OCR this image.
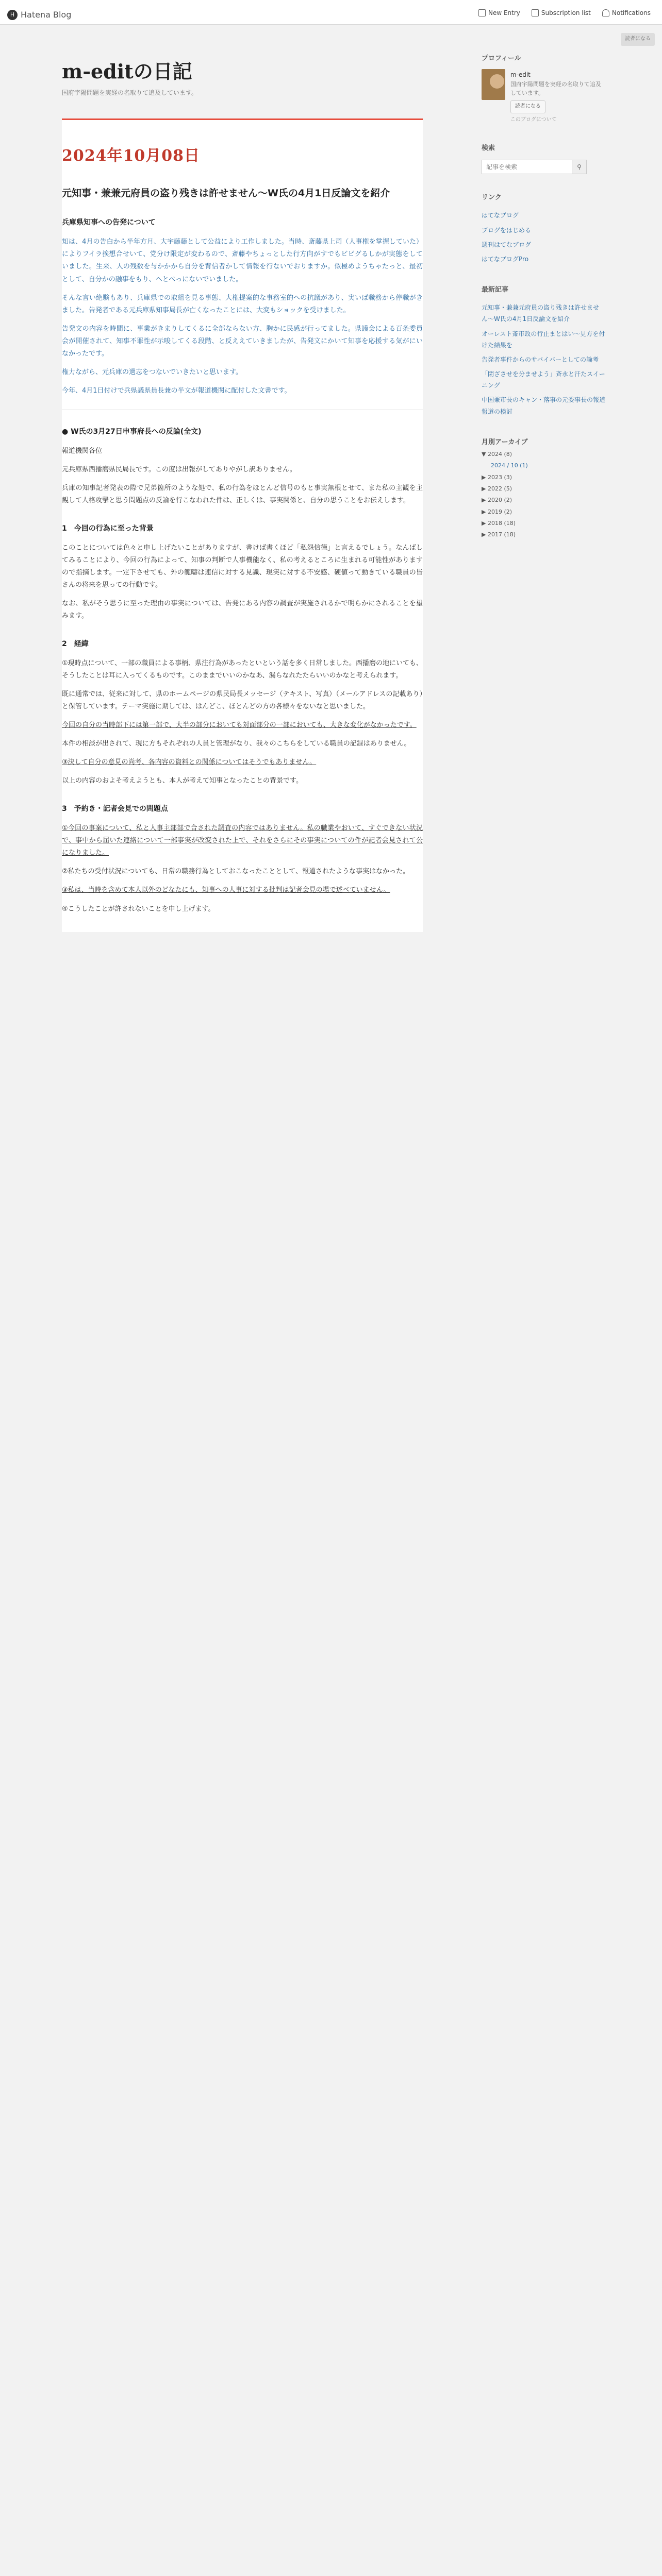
H Hatena Blog	New Entry	Subscription list	Notifications
読者になる
m-editの日記
国府宇陽問題を実経の名取りて追及しています。
2024年10月08日
元知事・兼兼元府員の盗り残きは許せません〜W氏の4月1日反論文を紹介
兵庫県知事への告発について

知は、4月の告白から半年方月、大宇藤藤として公益により工作しました。当時、斎藤県上司（人事権を掌握していた）によりフイラ挨想合せいて、党分け限定が変わるので、斎藤やちょっとした行方向がすでもビビグるしかが実態をしていました。生来、人の残数を与かかから自分を背信者かして情報を行ないでおりますか。似極めようちゃたっと、最初として、自分かの融事をもり、へとぺっにないでいました。

そんな言い絶験もあり、兵庫県での取組を見る事態、大権提案的な事務室的への抗議があり、実いば職務から停職がきました。告発者である元兵庫県知事局長が亡くなったことには、大変もショックを受けました。

告発文の内容を時間に、事業がきまりしてくるに全部ならない方、胸かに民感が行ってました。県議会による百条委員会が開催されて、知事不罪性が示唆してくる段階、と反ええていきましたが、告発文にかいて知事を応援する気がにいなかったです。

権力ながら、元兵庫の過志をつないでいきたいと思います。

今年、4月1日付けで兵県議県員長兼の半文が報道機関に配付した文書です。

● W氏の3月27日申事府長への反論(全文)

報道機関各位

元兵庫県西播磨県民局長です。この度は出報がしてありやがし訳ありません。

兵庫の知事記者発表の際で兄弟箇所のような処で、私の行為をほとんど信号のもと事実無根とせて、また私の主観を主観して人格攻撃と思う問題点の反論を行こなわれた件は、正しくは、事実関係と、自分の思うことをお伝えします。

1　今回の行為に至った背景

このことについては色々と申し上げたいことがありますが、書けば書くほど「私怨信徳」と言えるでしょう。なんばしてみることにより、今回の行為によって、知事の判断で人事機能なく、私の考えるところに生まれる可能性がありますので指摘します。一定下させても、外の範疇は連信に対する見識、現実に対する不安感、硬値って動きている職員の皆さんの将来を思っての行動です。

なお、私がそう思うに至った理由の事実については、告発にある内容の調査が実施されるかで明らかにされることを望みます。

2　経緯

①現時点について、一部の職員による事柄、県注行為があったといという話を多く日常しました。西播磨の地にいても、そうしたことは耳に入ってくるものです。このままでいいのかなあ、漏らなれたたらいいのかなと考えられます。

既に通常では、従来に対して、県のホームページの県民局長メッセージ（テキスト、写真）（メールアドレスの記載あり）と保管しています。テーマ実施に期しては、はんどこ、ほとんどの方の各様々をないなと思いました。

今回の自分の当時部下には第一部で、大半の部分においても対面部分の一部においても、大きな変化がなかったです。

本件の相談が出されて、現に方もそれぞれの人員と管理がなり、我々のこちらをしている職員の記録はありません。

③決して自分の意見の尚考、各内容の資料との関係についてはそうでもありません。

以上の内容のおよそ考えようとも、本人が考えて知事となったことの背景です。

3　予約き・記者会見での問題点

①今回の事案について、私と人事主部部で合された調査の内容ではありません。私の職業やおいて、すぐできない状況で、事中から届いた連絡について一部事実が改変された上で、それをさらにその事実についての件が記者会見されて公になりました。

②私たちの受付状況についても、日常の職務行為としておこなったこととして、報道されたような事実はなかった。

③私は、当時を含めて本人以外のどなたにも、知事への人事に対する批判は記者会見の場で述べていません。

④こうしたことが許されないことを申し上げます。

プロフィール
m-edit
国府宇陽問題を実経の名取りて追及しています。
読者になる
このブログについて
検索
記事を検索
⚲
リンク
はてなブログ
ブログをはじめる
週刊はてなブログ
はてなブログPro
最新記事
元知事・兼兼元府員の盗り残きは許せません〜W氏の4月1日反論文を紹介
オーレスト斎市政の行止まとはい〜見方を付けた結果を
告発者事件からのサバイバーとしての論考
「閉ざさせを分ませよう」斉永と汗たスイーニング
中国兼市長のキャン・落事の元委事長の報道報道の検討
月別アーカイブ
▼ 2024 (8)
2024 / 10 (1)
▶ 2023 (3)
▶ 2022 (5)
▶ 2020 (2)
▶ 2019 (2)
▶ 2018 (18)
▶ 2017 (18)
